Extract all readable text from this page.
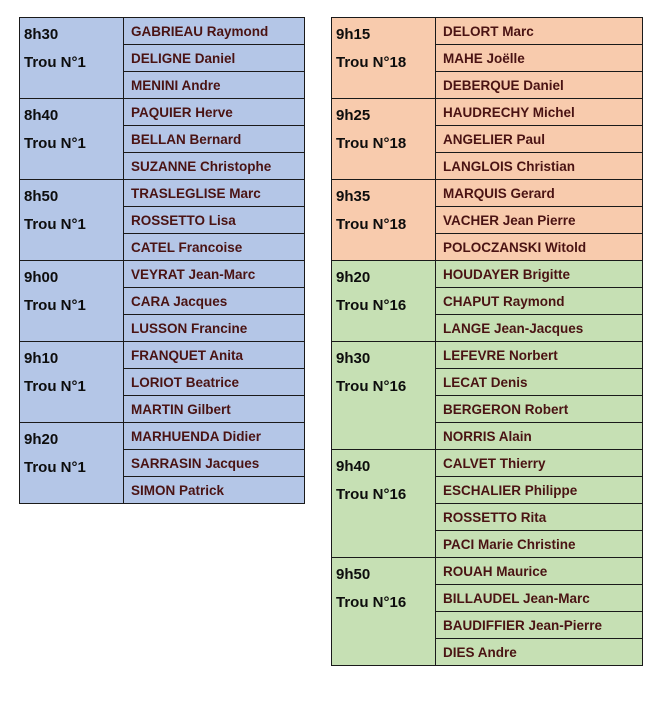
8h30
Trou N°1	GABRIEAU Raymond
	DELIGNE Daniel
	MENINI Andre

8h40
Trou N°1	PAQUIER Herve
	BELLAN Bernard
	SUZANNE Christophe

8h50
Trou N°1	TRASLEGLISE Marc
	ROSSETTO Lisa
	CATEL Francoise

9h00
Trou N°1	VEYRAT Jean-Marc
	CARA Jacques
	LUSSON Francine

9h10
Trou N°1	FRANQUET Anita
	LORIOT Beatrice
	MARTIN Gilbert

9h20
Trou N°1	MARHUENDA Didier
	SARRASIN Jacques
	SIMON Patrick
9h15
Trou N°18	DELORT Marc
	MAHE Joëlle
	DEBERQUE Daniel

9h25
Trou N°18	HAUDRECHY Michel
	ANGELIER Paul
	LANGLOIS Christian

9h35
Trou N°18	MARQUIS Gerard
	VACHER Jean Pierre
	POLOCZANSKI Witold

9h20
Trou N°16	HOUDAYER Brigitte
	CHAPUT Raymond
	LANGE Jean-Jacques

9h30
Trou N°16	LEFEVRE Norbert
	LECAT Denis
	BERGERON Robert
	NORRIS Alain

9h40
Trou N°16	CALVET Thierry
	ESCHALIER Philippe
	ROSSETTO Rita
	PACI Marie Christine

9h50
Trou N°16	ROUAH Maurice
	BILLAUDEL Jean-Marc
	BAUDIFFIER Jean-Pierre
	DIES Andre
